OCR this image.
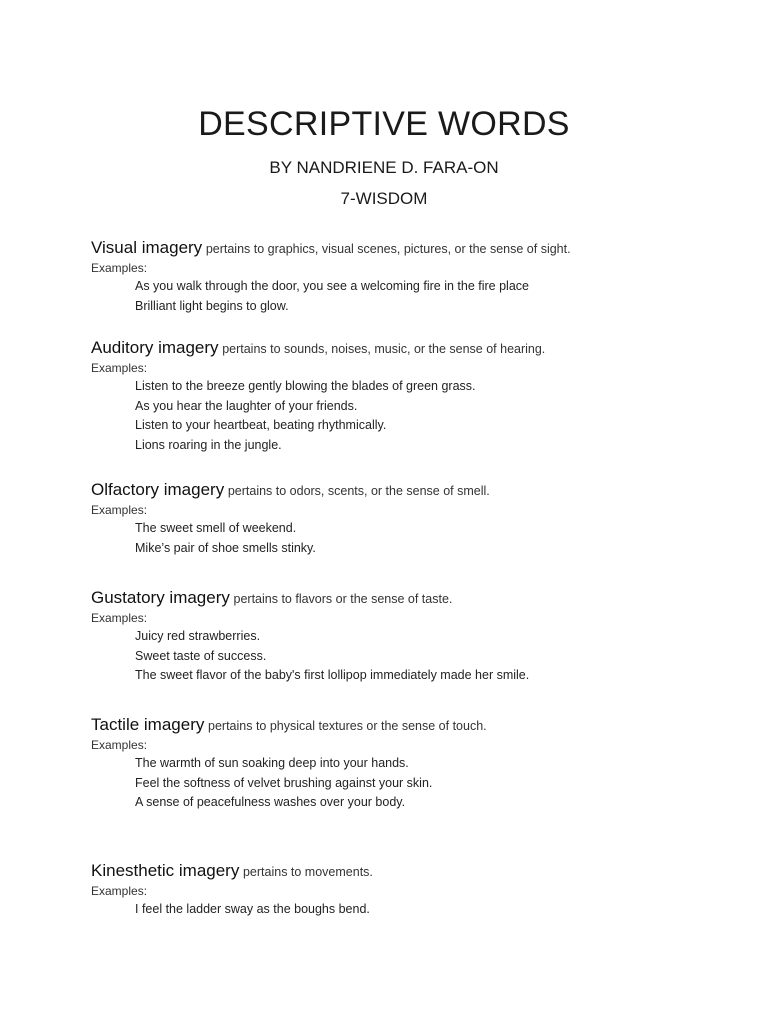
DESCRIPTIVE WORDS
BY NANDRIENE D. FARA-ON
7-WISDOM
Visual imagery pertains to graphics, visual scenes, pictures, or the sense of sight.
Examples:
As you walk through the door, you see a welcoming fire in the fire place
Brilliant light begins to glow.
Auditory imagery pertains to sounds, noises, music, or the sense of hearing.
Examples:
Listen to the breeze gently blowing the blades of green grass.
As you hear the laughter of your friends.
Listen to your heartbeat, beating rhythmically.
Lions roaring in the jungle.
Olfactory imagery pertains to odors, scents, or the sense of smell.
Examples:
The sweet smell of weekend.
Mike’s pair of shoe smells stinky.
Gustatory imagery pertains to flavors or the sense of taste.
Examples:
Juicy red strawberries.
Sweet taste of success.
The sweet flavor of the baby's first lollipop immediately made her smile.
Tactile imagery pertains to physical textures or the sense of touch.
Examples:
The warmth of sun soaking deep into your hands.
Feel the softness of velvet brushing against your skin.
A sense of peacefulness washes over your body.
Kinesthetic imagery pertains to movements.
Examples:
I feel the ladder sway as the boughs bend.
